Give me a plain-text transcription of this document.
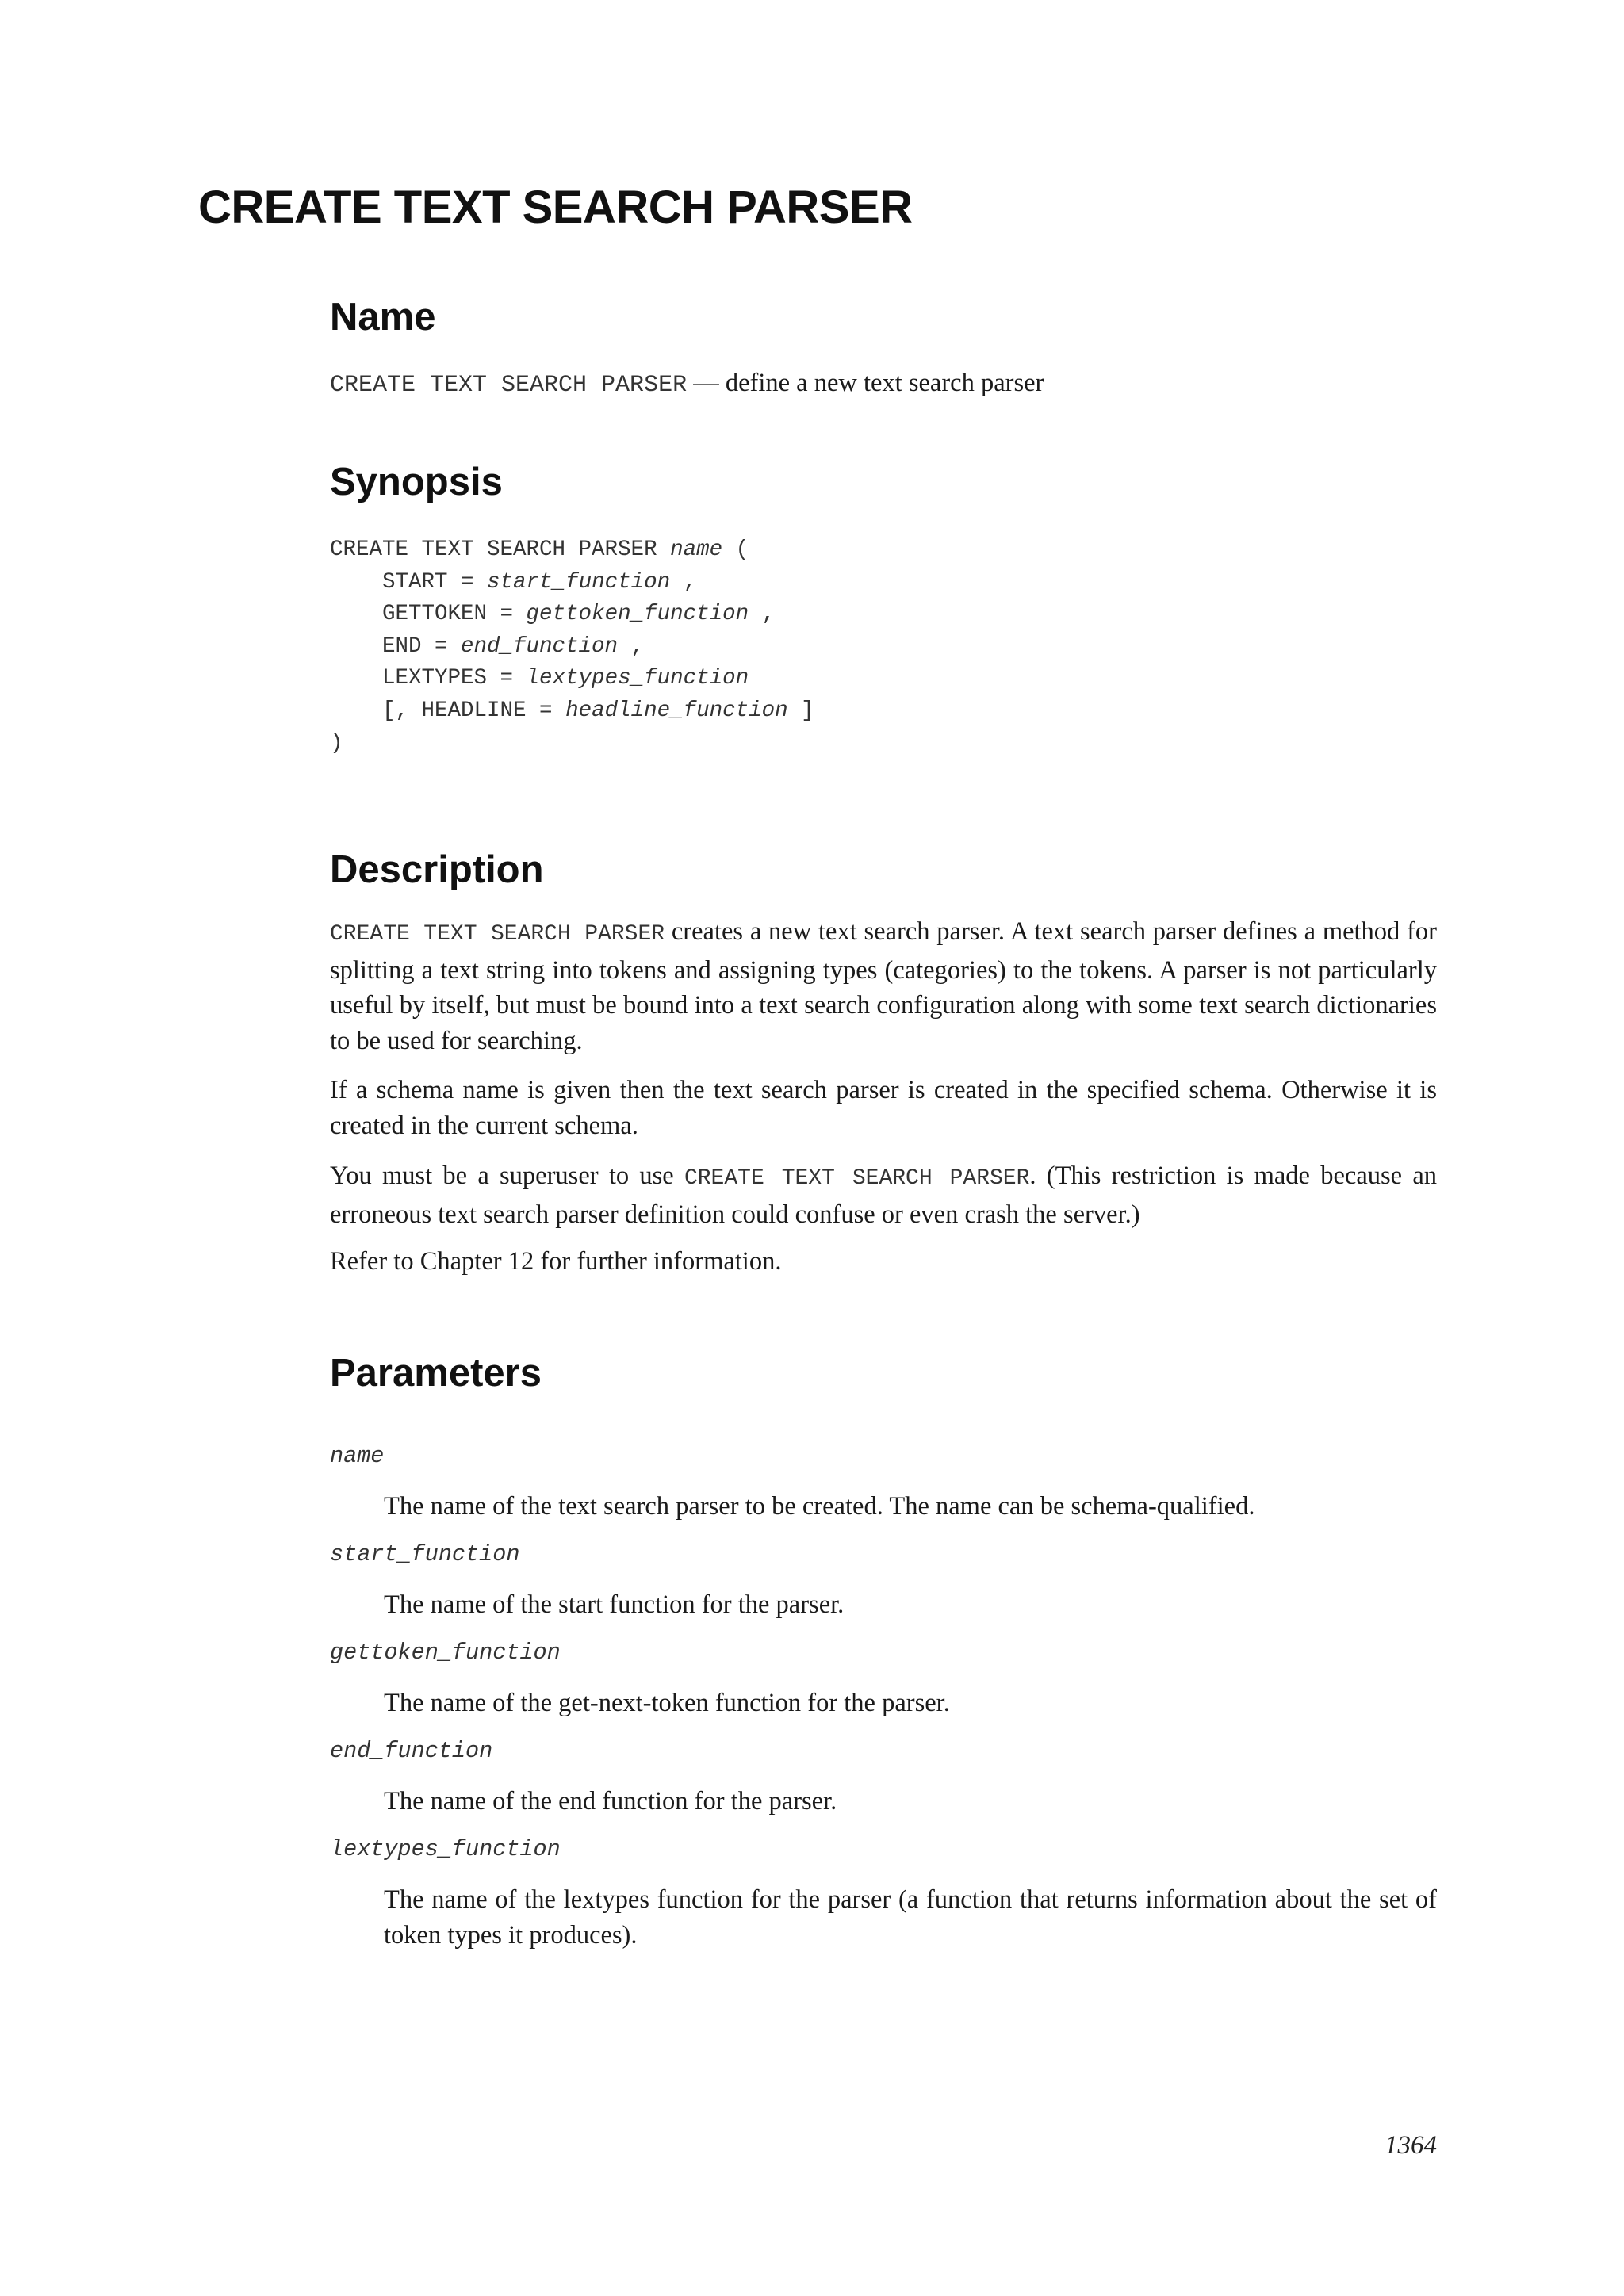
CREATE TEXT SEARCH PARSER
Name
CREATE TEXT SEARCH PARSER — define a new text search parser
Synopsis
CREATE TEXT SEARCH PARSER name (
START = start_function ,
GETTOKEN = gettoken_function ,
END = end_function ,
LEXTYPES = lextypes_function
[, HEADLINE = headline_function ]
)
Description

CREATE TEXT SEARCH PARSER creates a new text search parser. A text search parser defines a method for splitting a text string into tokens and assigning types (categories) to the tokens. A parser is not particularly useful by itself, but must be bound into a text search configuration along with some text search dictionaries to be used for searching.

If a schema name is given then the text search parser is created in the specified schema. Otherwise it is created in the current schema.

You must be a superuser to use CREATE TEXT SEARCH PARSER. (This restriction is made because an erroneous text search parser definition could confuse or even crash the server.)

Refer to Chapter 12 for further information.

Parameters
name

The name of the text search parser to be created. The name can be schema-qualified.

start_function

The name of the start function for the parser.

gettoken_function

The name of the get-next-token function for the parser.

end_function

The name of the end function for the parser.

lextypes_function

The name of the lextypes function for the parser (a function that returns information about the set of token types it produces).

1364
